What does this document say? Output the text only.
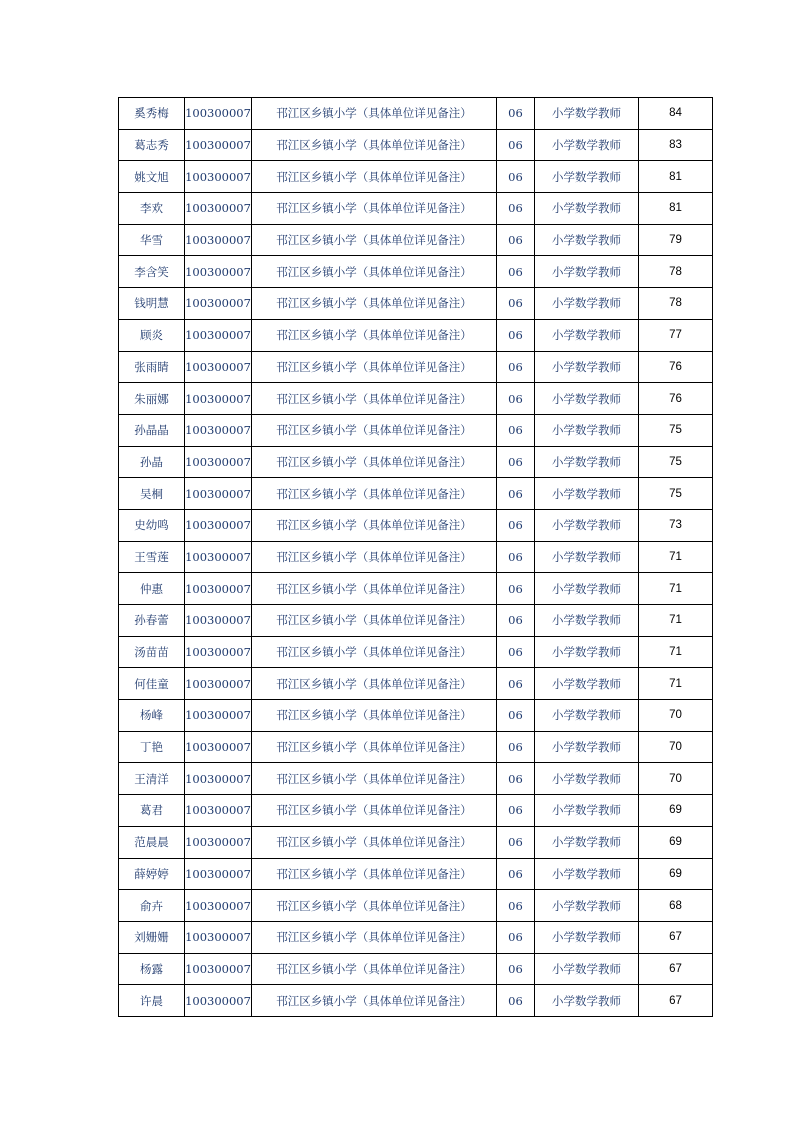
奚秀梅	100300007	邗江区乡镇小学（具体单位详见备注）	06	小学数学教师	84
葛志秀	100300007	邗江区乡镇小学（具体单位详见备注）	06	小学数学教师	83
姚文旭	100300007	邗江区乡镇小学（具体单位详见备注）	06	小学数学教师	81
李欢	100300007	邗江区乡镇小学（具体单位详见备注）	06	小学数学教师	81
华雪	100300007	邗江区乡镇小学（具体单位详见备注）	06	小学数学教师	79
李含笑	100300007	邗江区乡镇小学（具体单位详见备注）	06	小学数学教师	78
钱明慧	100300007	邗江区乡镇小学（具体单位详见备注）	06	小学数学教师	78
顾炎	100300007	邗江区乡镇小学（具体单位详见备注）	06	小学数学教师	77
张雨睛	100300007	邗江区乡镇小学（具体单位详见备注）	06	小学数学教师	76
朱丽娜	100300007	邗江区乡镇小学（具体单位详见备注）	06	小学数学教师	76
孙晶晶	100300007	邗江区乡镇小学（具体单位详见备注）	06	小学数学教师	75
孙晶	100300007	邗江区乡镇小学（具体单位详见备注）	06	小学数学教师	75
吴桐	100300007	邗江区乡镇小学（具体单位详见备注）	06	小学数学教师	75
史幼鸣	100300007	邗江区乡镇小学（具体单位详见备注）	06	小学数学教师	73
王雪莲	100300007	邗江区乡镇小学（具体单位详见备注）	06	小学数学教师	71
仲惠	100300007	邗江区乡镇小学（具体单位详见备注）	06	小学数学教师	71
孙春蕾	100300007	邗江区乡镇小学（具体单位详见备注）	06	小学数学教师	71
汤苗苗	100300007	邗江区乡镇小学（具体单位详见备注）	06	小学数学教师	71
何佳童	100300007	邗江区乡镇小学（具体单位详见备注）	06	小学数学教师	71
杨峰	100300007	邗江区乡镇小学（具体单位详见备注）	06	小学数学教师	70
丁艳	100300007	邗江区乡镇小学（具体单位详见备注）	06	小学数学教师	70
王清洋	100300007	邗江区乡镇小学（具体单位详见备注）	06	小学数学教师	70
葛君	100300007	邗江区乡镇小学（具体单位详见备注）	06	小学数学教师	69
范晨晨	100300007	邗江区乡镇小学（具体单位详见备注）	06	小学数学教师	69
薛婷婷	100300007	邗江区乡镇小学（具体单位详见备注）	06	小学数学教师	69
俞卉	100300007	邗江区乡镇小学（具体单位详见备注）	06	小学数学教师	68
刘姗姗	100300007	邗江区乡镇小学（具体单位详见备注）	06	小学数学教师	67
杨露	100300007	邗江区乡镇小学（具体单位详见备注）	06	小学数学教师	67
许晨	100300007	邗江区乡镇小学（具体单位详见备注）	06	小学数学教师	67
